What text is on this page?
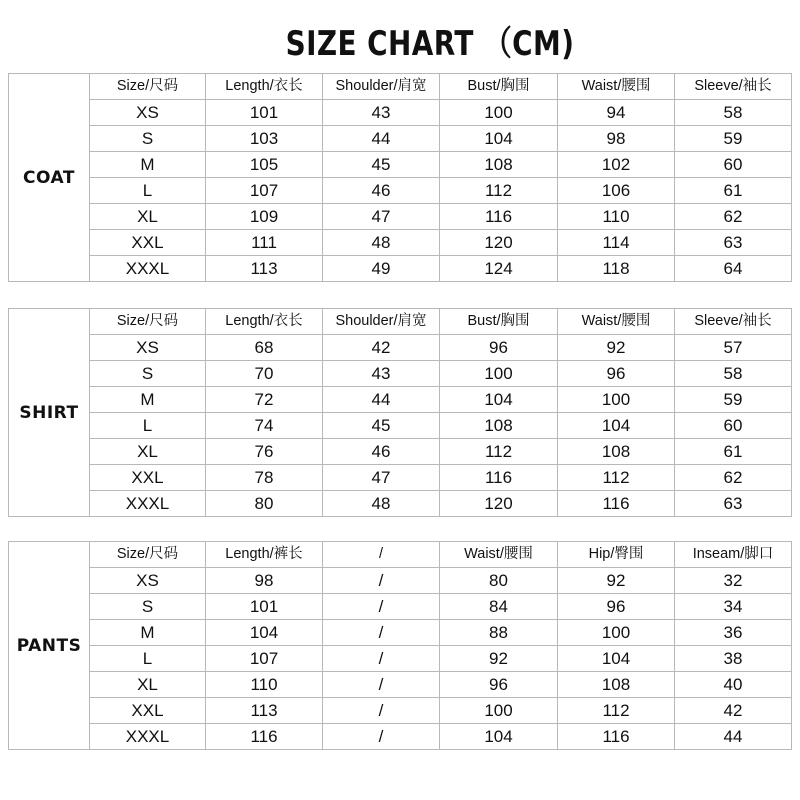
SIZE CHART （CM)
COAT
Size/尺码	Length/衣长	Shoulder/肩宽	Bust/胸围	Waist/腰围	Sleeve/袖长
XS	101	43	100	94	58
S	103	44	104	98	59
M	105	45	108	102	60
L	107	46	112	106	61
XL	109	47	116	110	62
XXL	111	48	120	114	63
XXXL	113	49	124	118	64
SHIRT
Size/尺码	Length/衣长	Shoulder/肩宽	Bust/胸围	Waist/腰围	Sleeve/袖长
XS	68	42	96	92	57
S	70	43	100	96	58
M	72	44	104	100	59
L	74	45	108	104	60
XL	76	46	112	108	61
XXL	78	47	116	112	62
XXXL	80	48	120	116	63
PANTS
Size/尺码	Length/裤长	/	Waist/腰围	Hip/臀围	Inseam/脚口
XS	98	/	80	92	32
S	101	/	84	96	34
M	104	/	88	100	36
L	107	/	92	104	38
XL	110	/	96	108	40
XXL	113	/	100	112	42
XXXL	116	/	104	116	44
